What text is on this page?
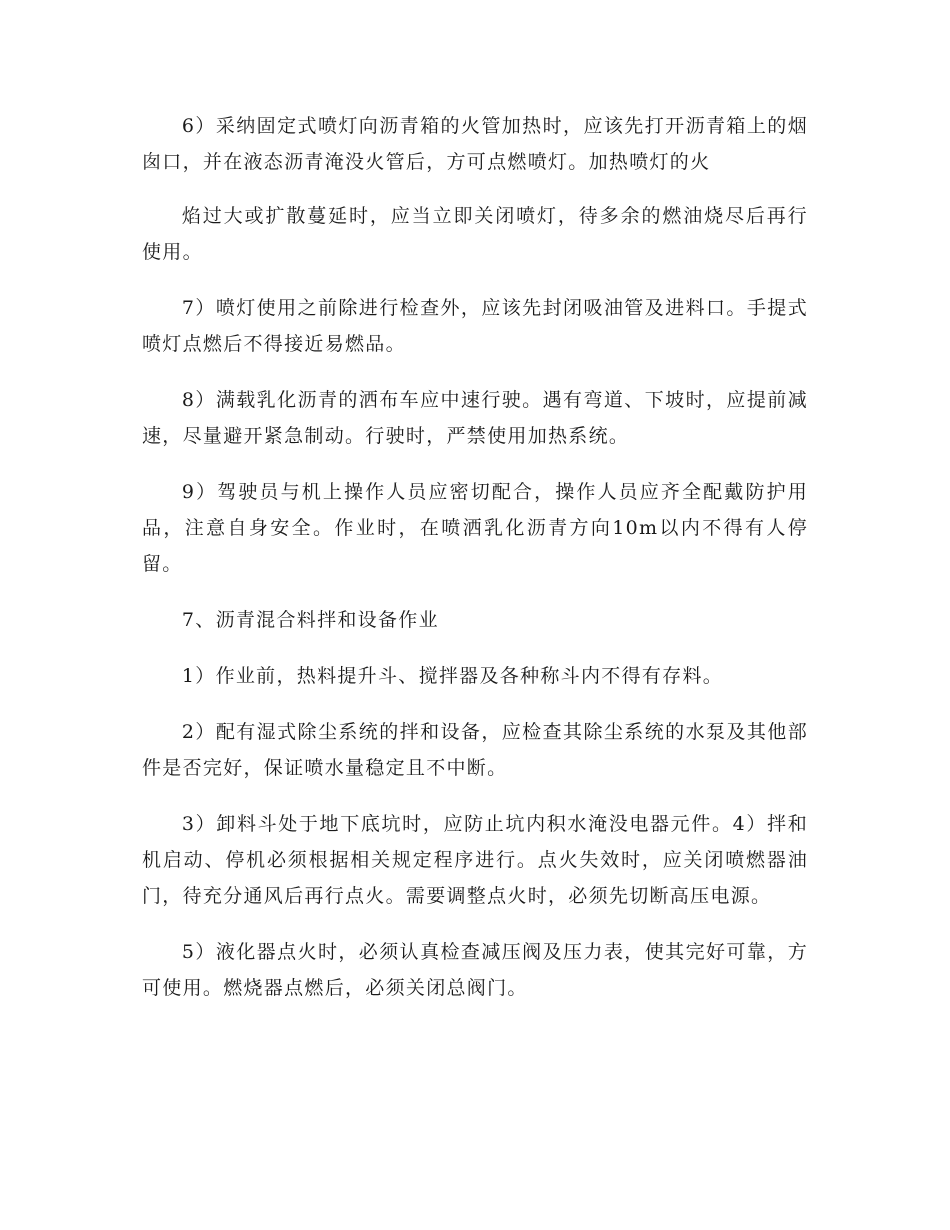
6）采纳固定式喷灯向沥青箱的火管加热时，应该先打开沥青箱上的烟囱口，并在液态沥青淹没火管后，方可点燃喷灯。加热喷灯的火

焰过大或扩散蔓延时，应当立即关闭喷灯，待多余的燃油烧尽后再行使用。

7）喷灯使用之前除进行检查外，应该先封闭吸油管及进料口。手提式喷灯点燃后不得接近易燃品。

8）满载乳化沥青的洒布车应中速行驶。遇有弯道、下坡时，应提前减速，尽量避开紧急制动。行驶时，严禁使用加热系统。

9）驾驶员与机上操作人员应密切配合，操作人员应齐全配戴防护用品，注意自身安全。作业时，在喷洒乳化沥青方向10m以内不得有人停留。

7、沥青混合料拌和设备作业

1）作业前，热料提升斗、搅拌器及各种称斗内不得有存料。

2）配有湿式除尘系统的拌和设备，应检查其除尘系统的水泵及其他部件是否完好，保证喷水量稳定且不中断。

3）卸料斗处于地下底坑时，应防止坑内积水淹没电器元件。4）拌和机启动、停机必须根据相关规定程序进行。点火失效时，应关闭喷燃器油门，待充分通风后再行点火。需要调整点火时，必须先切断高压电源。

5）液化器点火时，必须认真检查减压阀及压力表，使其完好可靠，方可使用。燃烧器点燃后，必须关闭总阀门。
